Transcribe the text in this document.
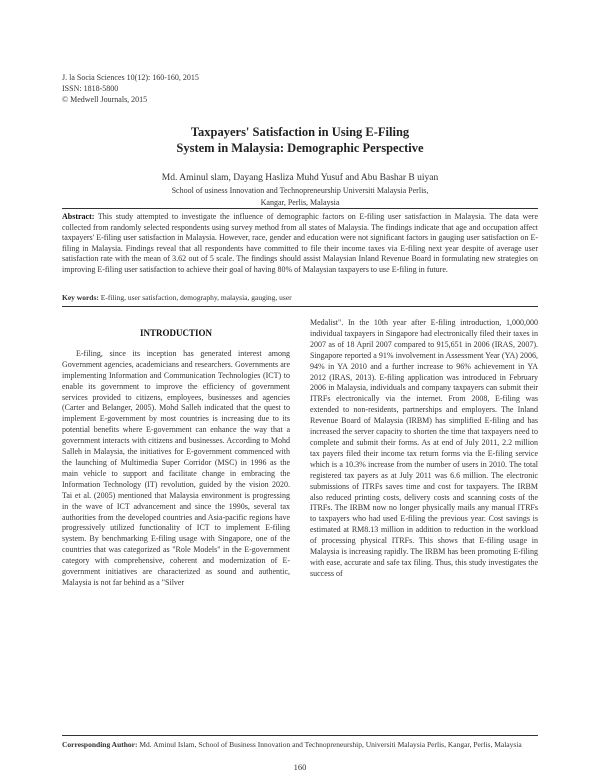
J. la Socia Sciences 10(12): 160-160, 2015
ISSN: 1818-5800
© Medwell Journals, 2015
Taxpayers' Satisfaction in Using E-Filing
System in Malaysia: Demographic Perspective
Md. Aminul slam, Dayang Hasliza Muhd Yusuf and Abu Bashar B uiyan
School of usiness Innovation and Technopreneurship Universiti Malaysia Perlis,
Kangar, Perlis, Malaysia
Abstract: This study attempted to investigate the influence of demographic factors on E-filing user satisfaction in Malaysia. The data were collected from randomly selected respondents using survey method from all states of Malaysia. The findings indicate that age and occupation affect taxpayers' E-filing user satisfaction in Malaysia. However, race, gender and education were not significant factors in gauging user satisfaction on E-filing in Malaysia. Findings reveal that all respondents have committed to file their income taxes via E-filing next year despite of average user satisfaction rate with the mean of 3.62 out of 5 scale. The findings should assist Malaysian Inland Revenue Board in formulating new strategies on improving E-filing user satisfaction to achieve their goal of having 80% of Malaysian taxpayers to use E-filing in future.
Key words: E-filing, user satisfaction, demography, malaysia, gauging, user
INTRODUCTION

E-filing, since its inception has generated interest among Government agencies, academicians and researchers. Governments are implementing Information and Communication Technologies (ICT) to enable its government to improve the efficiency of government services provided to citizens, employees, businesses and agencies (Carter and Belanger, 2005). Mohd Salleh indicated that the quest to implement E-government by most countries is increasing due to its potential benefits where E-government can enhance the way that a government interacts with citizens and businesses. According to Mohd Salleh in Malaysia, the initiatives for E-government commenced with the launching of Multimedia Super Corridor (MSC) in 1996 as the main vehicle to support and facilitate change in embracing the Information Technology (IT) revolution, guided by the vision 2020. Tai et al. (2005) mentioned that Malaysia environment is progressing in the wave of ICT advancement and since the 1990s, several tax authorities from the developed countries and Asia-pacific regions have progressively utilized functionality of ICT to implement E-filing system. By benchmarking E-filing usage with Singapore, one of the countries that was categorized as "Role Models" in the E-government category with comprehensive, coherent and modernization of E-government initiatives are characterized as sound and authentic, Malaysia is not far behind as a "Silver

Medalist". In the 10th year after E-filing introduction, 1,000,000 individual taxpayers in Singapore had electronically filed their taxes in 2007 as of 18 April 2007 compared to 915,651 in 2006 (IRAS, 2007). Singapore reported a 91% involvement in Assessment Year (YA) 2006, 94% in YA 2010 and a further increase to 96% achievement in YA 2012 (IRAS, 2013). E-filing application was introduced in February 2006 in Malaysia, individuals and company taxpayers can submit their ITRFs electronically via the internet. From 2008, E-filing was extended to non-residents, partnerships and employers. The Inland Revenue Board of Malaysia (IRBM) has simplified E-filing and has increased the server capacity to shorten the time that taxpayers need to complete and submit their forms. As at end of July 2011, 2.2 million tax payers filed their income tax return forms via the E-filing service which is a 10.3% increase from the number of users in 2010. The total registered tax payers as at July 2011 was 6.6 million. The electronic submissions of ITRFs saves time and cost for taxpayers. The IRBM also reduced printing costs, delivery costs and scanning costs of the ITRFs. The IRBM now no longer physically mails any manual ITRFs to taxpayers who had used E-filing the previous year. Cost savings is estimated at RM8.13 million in addition to reduction in the workload of processing physical ITRFs. This shows that E-filing usage in Malaysia is increasing rapidly. The IRBM has been promoting E-filing with ease, accurate and safe tax filing. Thus, this study investigates the success of

Corresponding Author: Md. Aminul Islam, School of Business Innovation and Technopreneurship, Universiti Malaysia Perlis, Kangar, Perlis, Malaysia
160
